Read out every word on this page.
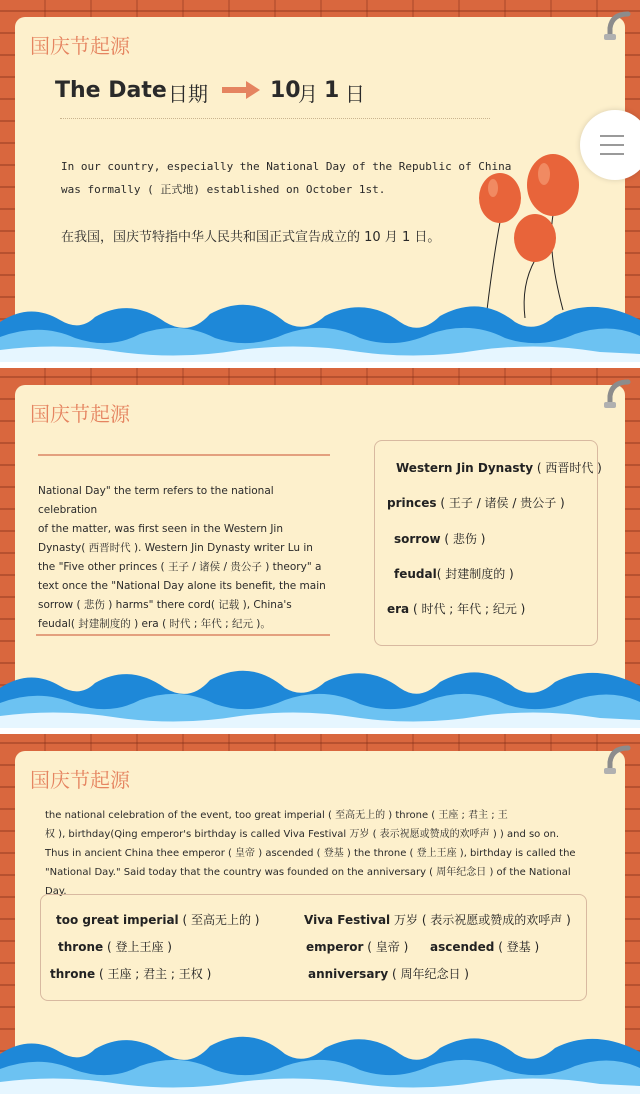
国庆节起源
The Date 日期	10
月 1 日
In our country, especially the National Day of the Republic of China
was formally ( 正式地) established on October 1st.
在我国，国庆节特指中华人民共和国正式宣告成立的 10 月 1 日。
国庆节起源
National Day" the term refers to the national celebration
of the matter, was first seen in the Western Jin
Dynasty( 西晋时代 ). Western Jin Dynasty writer Lu in
the "Five other princes ( 王子 / 诸侯 / 贵公子 ) theory" a
text once the "National Day alone its benefit, the main
sorrow ( 悲伤 ) harms" there cord( 记载 ), China's
feudal( 封建制度的 ) era ( 时代 ; 年代 ; 纪元 )。
Western Jin Dynasty ( 西晋时代 )
princes ( 王子 / 诸侯 / 贵公子 )
sorrow ( 悲伤 )
feudal( 封建制度的 )
era ( 时代 ; 年代 ; 纪元 )
国庆节起源
the national celebration of the event, too great imperial ( 至高无上的 ) throne ( 王座 ; 君主 ; 王
权 ), birthday(Qing emperor's birthday is called Viva Festival 万岁 ( 表示祝愿或赞成的欢呼声 ) ) and so on.
Thus in ancient China thee emperor ( 皇帝 ) ascended ( 登基 ) the throne ( 登上王座 ), birthday is called the
"National Day." Said today that the country was founded on the anniversary ( 周年纪念日 ) of the National
Day.
too great imperial ( 至高无上的 )	Viva Festival 万岁 ( 表示祝愿或赞成的欢呼声 )
throne ( 登上王座 )	emperor ( 皇帝 ) ascended ( 登基 )
throne ( 王座 ; 君主 ; 王权 )	anniversary ( 周年纪念日 )
